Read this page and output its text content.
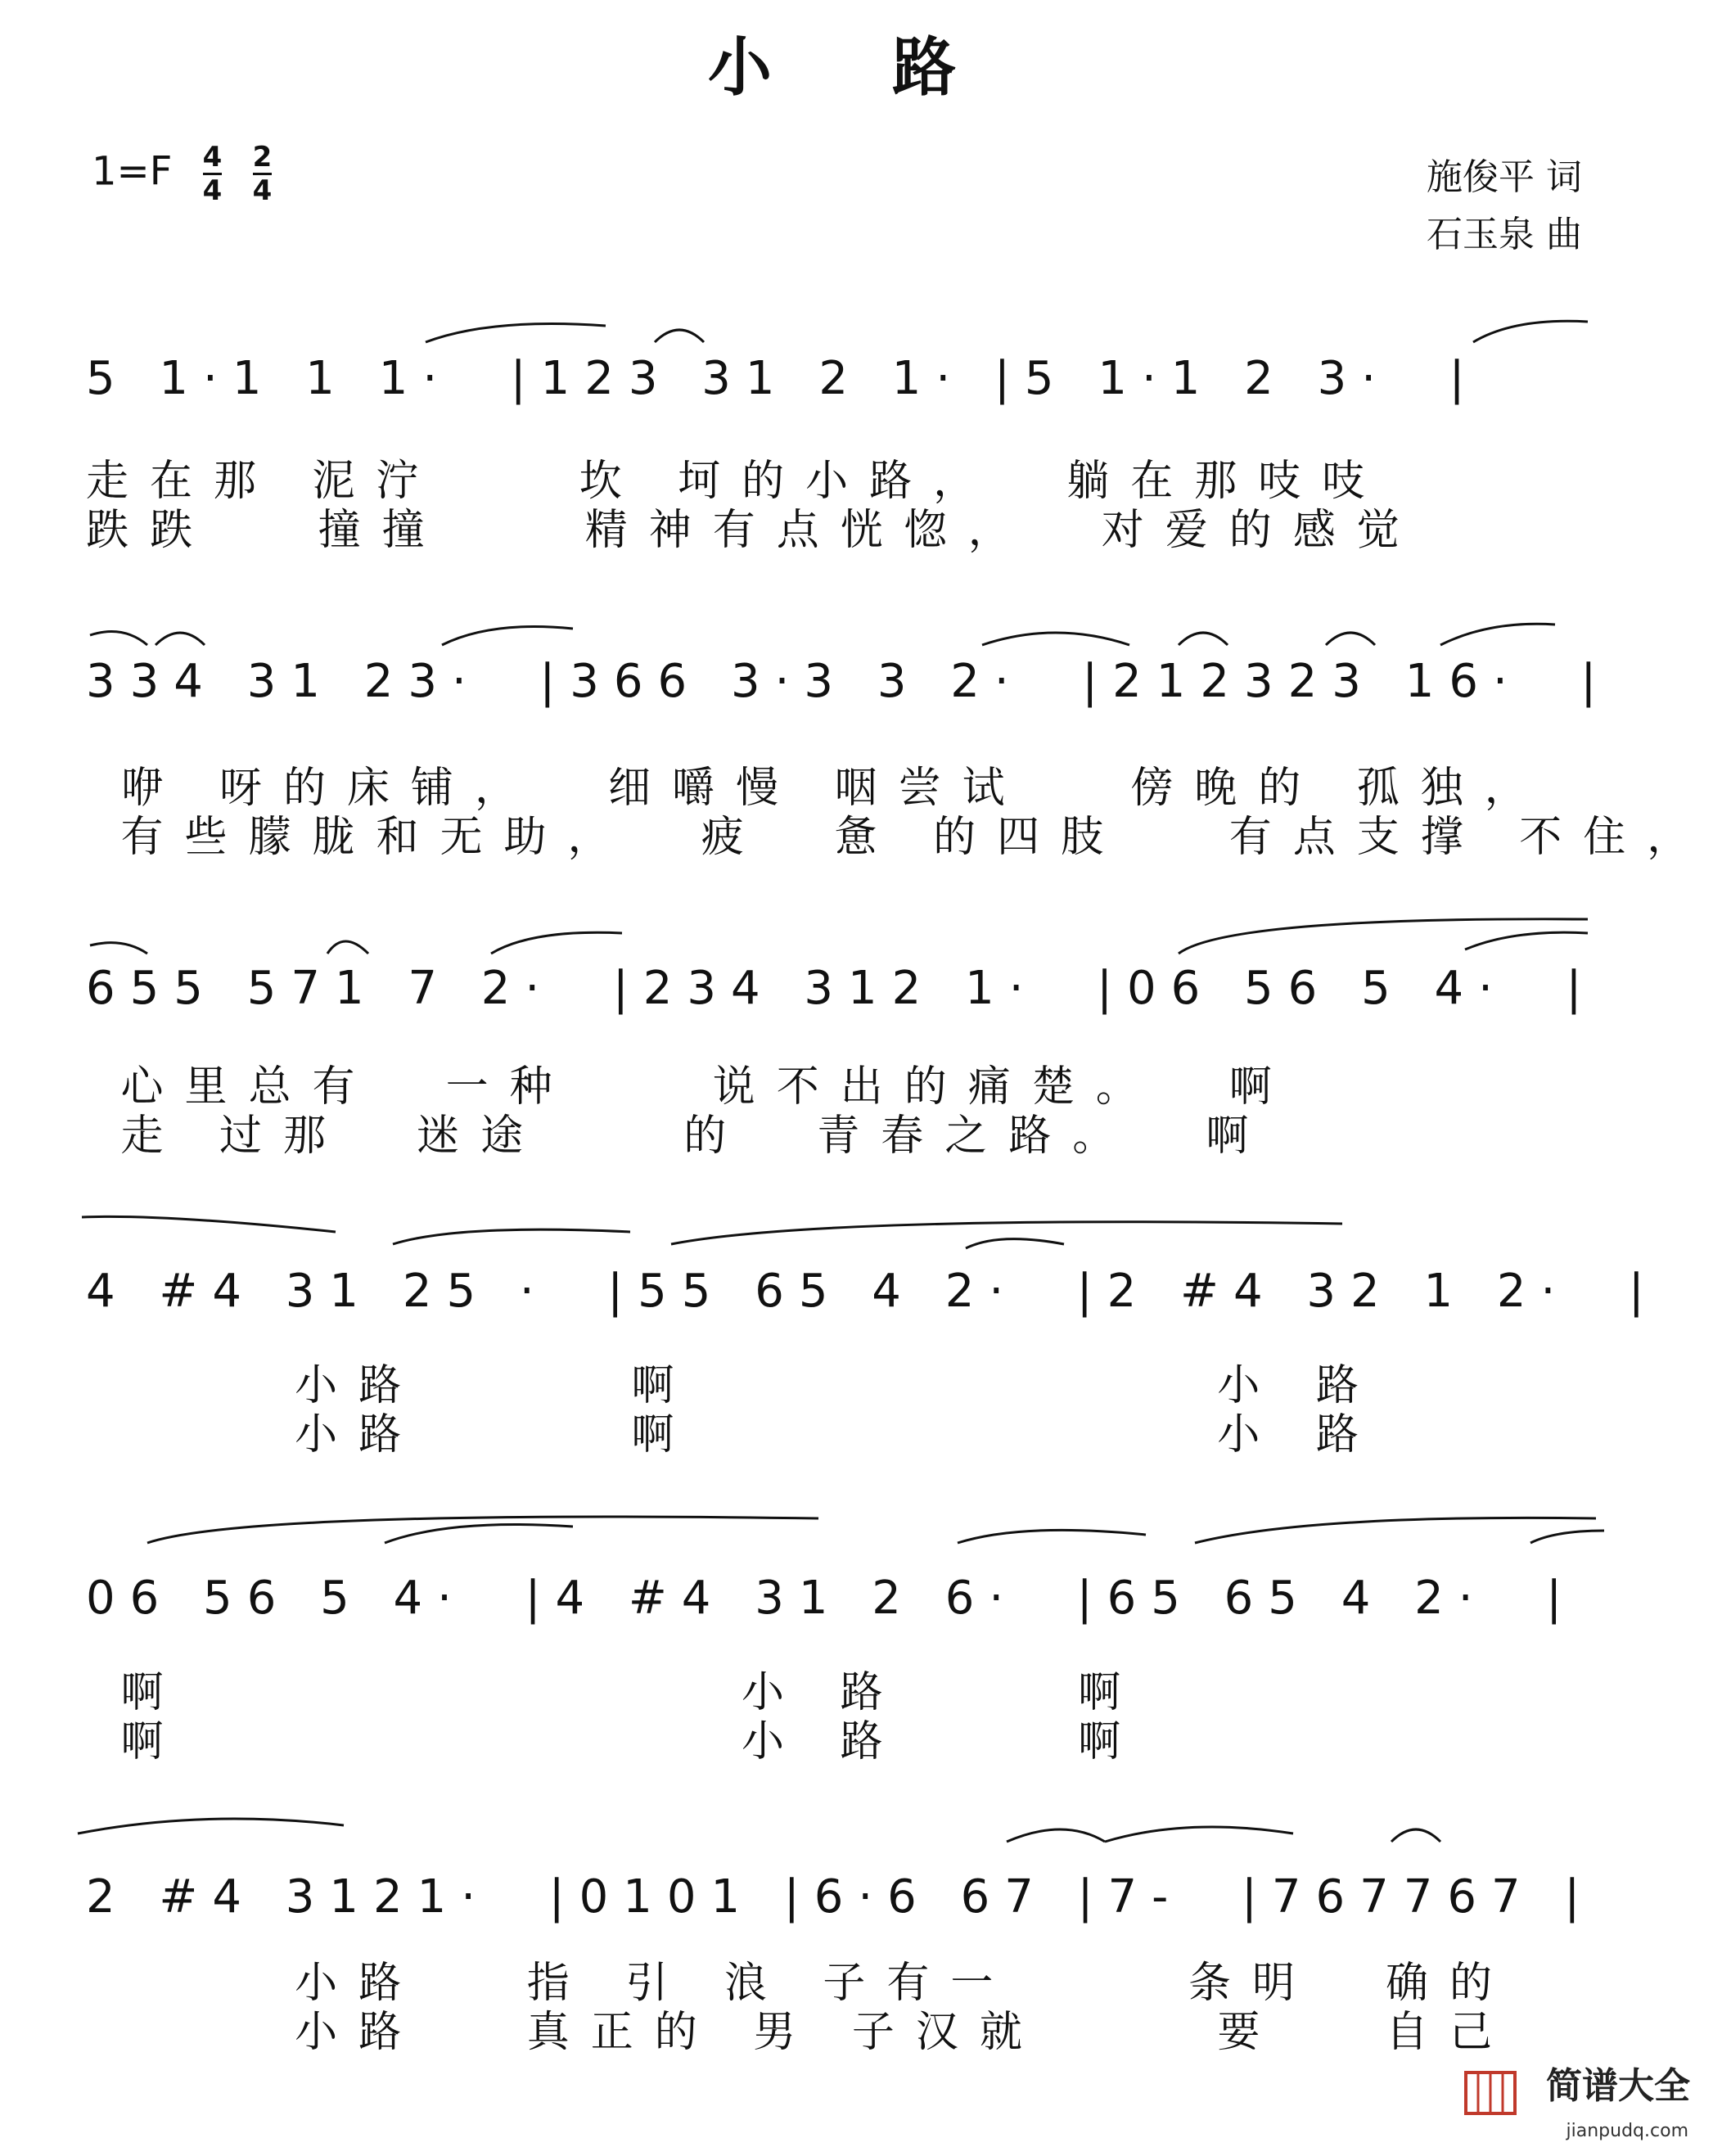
小 路
$1=F \frac{4}{4} \frac{2}{4}$	施俊平 词
石玉泉 曲
5 1·1 1 1·  |123 31 2 1· |5 1·1 2 3·  |
走在那 泥泞    坎 坷的小路，  躺在那吱吱
跌跌   撞撞    精神有点恍惚，  对爱的感觉
334 31 23·  |366 3·3 3 2·  |212323 16·  |
咿 呀的床铺，  细嚼慢 咽尝试   傍晚的 孤独，
有些朦胧和无助，  疲  惫 的四肢   有点支撑 不住，
655 571 7 2·  |234 312 1·  |06 56 5 4·  |
心里总有  一种    说不出的痛楚。  啊
走 过那  迷途    的  青春之路。  啊
4 #4 31 25 ·  |55 65 4 2·  |2 #4 32 1 2·  |
小路      啊               小 路
小路      啊               小 路
06 56 5 4·  |4 #4 31 2 6·  |65 65 4 2·  |
啊                小 路     啊
啊                小 路     啊
2 #4 3121·  |0101 |6·6 67 |7-  |767767 |
小路   指 引 浪 子有一     条明  确的
小路   真正的 男 子汉就     要   自己
简谱大全
jianpudq.com
